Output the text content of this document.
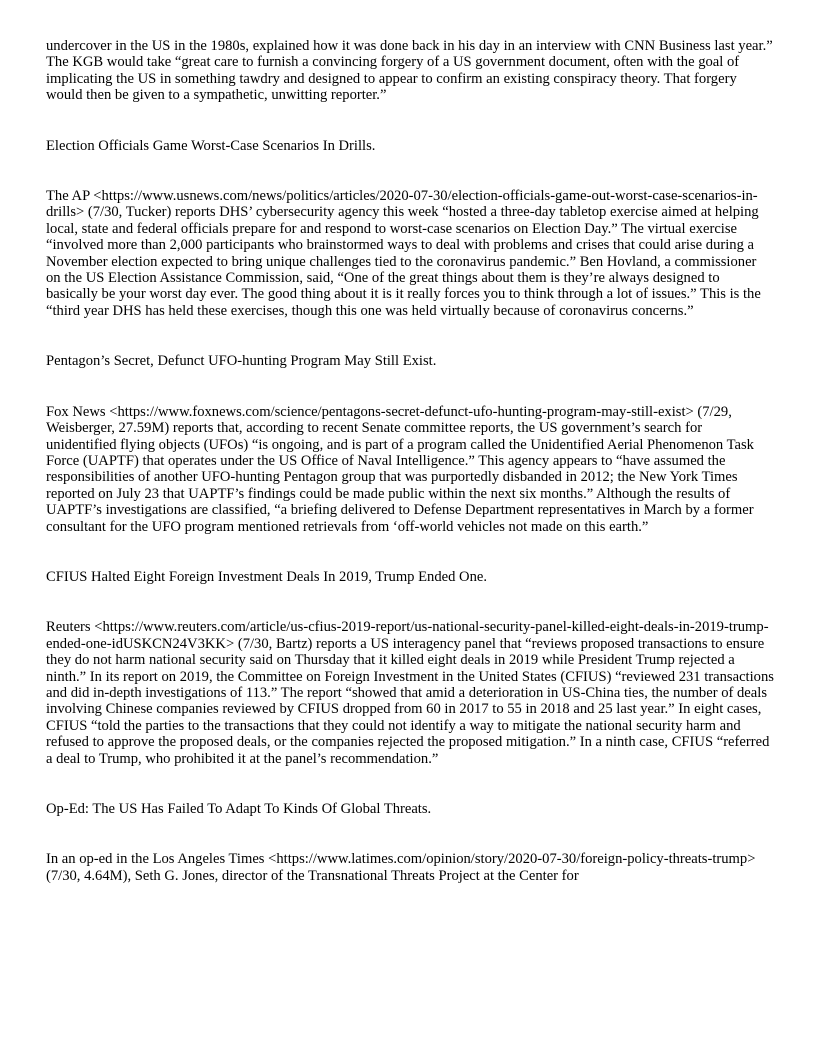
undercover in the US in the 1980s, explained how it was done back in his day in an interview with CNN Business last year.” The KGB would take “great care to furnish a convincing forgery of a US government document, often with the goal of implicating the US in something tawdry and designed to appear to confirm an existing conspiracy theory. That forgery would then be given to a sympathetic, unwitting reporter.”

Election Officials Game Worst-Case Scenarios In Drills.

The AP <https://www.usnews.com/news/politics/articles/2020-07-30/election-officials-game-out-worst-case-scenarios-in-drills> (7/30, Tucker) reports DHS’ cybersecurity agency this week “hosted a three-day tabletop exercise aimed at helping local, state and federal officials prepare for and respond to worst-case scenarios on Election Day.” The virtual exercise “involved more than 2,000 participants who brainstormed ways to deal with problems and crises that could arise during a November election expected to bring unique challenges tied to the coronavirus pandemic.” Ben Hovland, a commissioner on the US Election Assistance Commission, said, “One of the great things about them is they’re always designed to basically be your worst day ever. The good thing about it is it really forces you to think through a lot of issues.” This is the “third year DHS has held these exercises, though this one was held virtually because of coronavirus concerns.”

Pentagon’s Secret, Defunct UFO-hunting Program May Still Exist.

Fox News <https://www.foxnews.com/science/pentagons-secret-defunct-ufo-hunting-program-may-still-exist> (7/29, Weisberger, 27.59M) reports that, according to recent Senate committee reports, the US government’s search for unidentified flying objects (UFOs) “is ongoing, and is part of a program called the Unidentified Aerial Phenomenon Task Force (UAPTF) that operates under the US Office of Naval Intelligence.” This agency appears to “have assumed the responsibilities of another UFO-hunting Pentagon group that was purportedly disbanded in 2012; the New York Times reported on July 23 that UAPTF’s findings could be made public within the next six months.” Although the results of UAPTF’s investigations are classified, “a briefing delivered to Defense Department representatives in March by a former consultant for the UFO program mentioned retrievals from ‘off-world vehicles not made on this earth.”

CFIUS Halted Eight Foreign Investment Deals In 2019, Trump Ended One.

Reuters <https://www.reuters.com/article/us-cfius-2019-report/us-national-security-panel-killed-eight-deals-in-2019-trump-ended-one-idUSKCN24V3KK> (7/30, Bartz) reports a US interagency panel that “reviews proposed transactions to ensure they do not harm national security said on Thursday that it killed eight deals in 2019 while President Trump rejected a ninth.” In its report on 2019, the Committee on Foreign Investment in the United States (CFIUS) “reviewed 231 transactions and did in-depth investigations of 113.” The report “showed that amid a deterioration in US-China ties, the number of deals involving Chinese companies reviewed by CFIUS dropped from 60 in 2017 to 55 in 2018 and 25 last year.” In eight cases, CFIUS “told the parties to the transactions that they could not identify a way to mitigate the national security harm and refused to approve the proposed deals, or the companies rejected the proposed mitigation.” In a ninth case, CFIUS “referred a deal to Trump, who prohibited it at the panel’s recommendation.”

Op-Ed: The US Has Failed To Adapt To Kinds Of Global Threats.

In an op-ed in the Los Angeles Times <https://www.latimes.com/opinion/story/2020-07-30/foreign-policy-threats-trump> (7/30, 4.64M), Seth G. Jones, director of the Transnational Threats Project at the Center for
